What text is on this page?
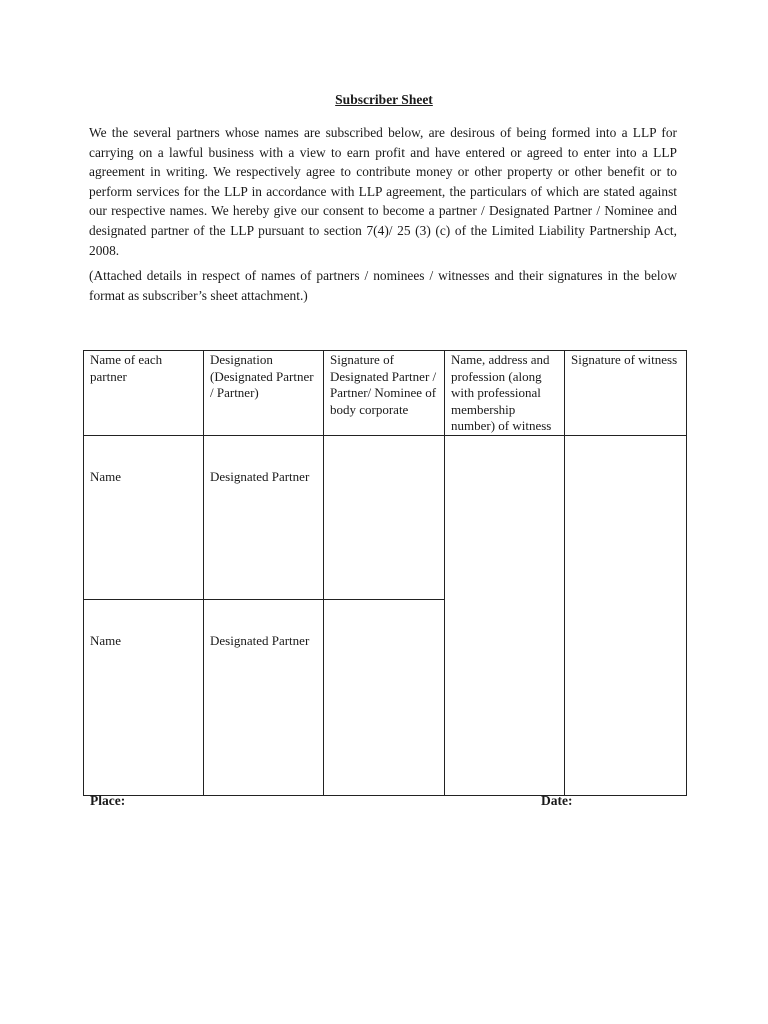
Subscriber Sheet

We the several partners whose names are subscribed below, are desirous of being formed into a LLP for carrying on a lawful business with a view to earn profit and have entered or agreed to enter into a LLP agreement in writing. We respectively agree to contribute money or other property or other benefit or to perform services for the LLP in accordance with LLP agreement, the particulars of which are stated against our respective names. We hereby give our consent to become a partner / Designated Partner / Nominee and designated partner of the LLP pursuant to section 7(4)/ 25 (3) (c) of the Limited Liability Partnership Act, 2008.

(Attached details in respect of names of partners / nominees / witnesses and their signatures in the below format as subscriber’s sheet attachment.)

Name of each partner	Designation (Designated Partner / Partner)	Signature of Designated Partner / Partner/ Nominee of body corporate	Name, address and profession (along with professional membership number) of witness	Signature of witness
Name	Designated Partner			
Name	Designated Partner			
Place:	Date:
